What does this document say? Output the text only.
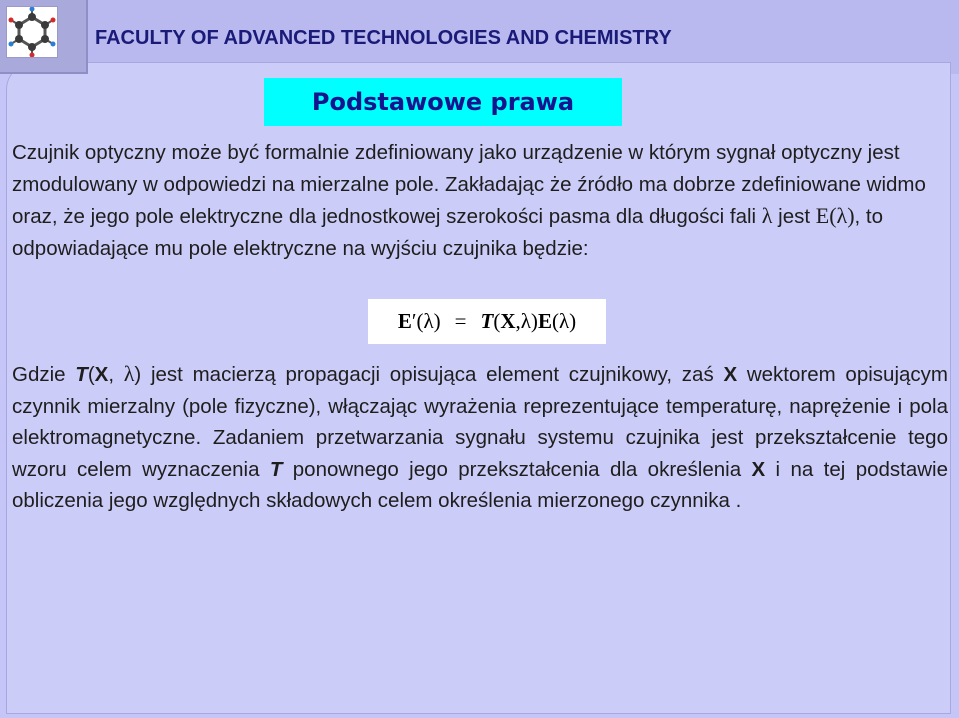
FACULTY OF ADVANCED TECHNOLOGIES AND CHEMISTRY
Podstawowe prawa

Czujnik optyczny może być formalnie zdefiniowany jako urządzenie w którym sygnał optyczny jest zmodulowany w odpowiedzi na mierzalne pole. Zakładając że źródło ma dobrze zdefiniowane widmo oraz, że jego pole elektryczne dla jednostkowej szerokości pasma dla długości fali λ jest E(λ), to odpowiadające mu pole elektryczne na wyjściu czujnika będzie:

E ′(λ) = T ( X ,λ) E (λ)

Gdzie T(X, λ) jest macierzą propagacji opisująca element czujnikowy, zaś X wektorem opisującym czynnik mierzalny (pole fizyczne), włączając wyrażenia reprezentujące temperaturę, naprężenie i pola elektromagnetyczne. Zadaniem przetwarzania sygnału systemu czujnika jest przekształcenie tego wzoru celem wyznaczenia T ponownego jego przekształcenia dla określenia X i na tej podstawie obliczenia jego względnych składowych celem określenia mierzonego czynnika .
